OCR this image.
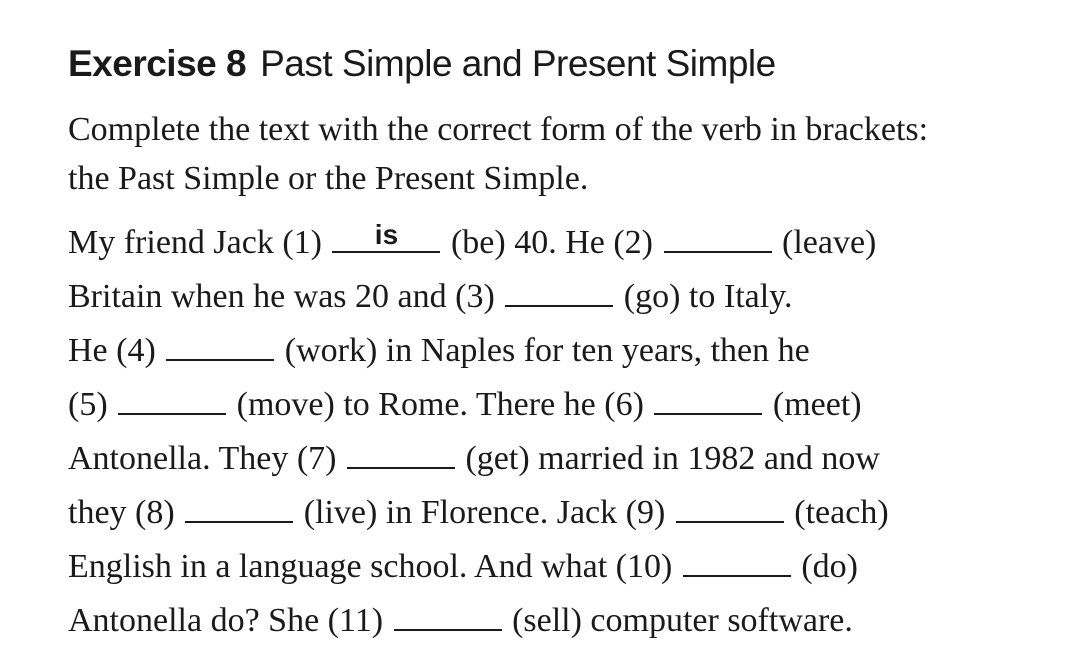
Exercise 8 Past Simple and Present Simple

Complete the text with the correct form of the verb in brackets: the Past Simple or the Present Simple.

My friend Jack (1)	is	(be) 40. He (2)	(leave)
Britain when he was 20 and (3)	(go) to Italy.
He (4)	(work) in Naples for ten years, then he
(5)	(move) to Rome. There he (6)	(meet)
Antonella. They (7)	(get) married in 1982 and now
they (8)	(live) in Florence. Jack (9)	(teach)
English in a language school. And what (10)	(do)
Antonella do? She (11)	(sell) computer software.
